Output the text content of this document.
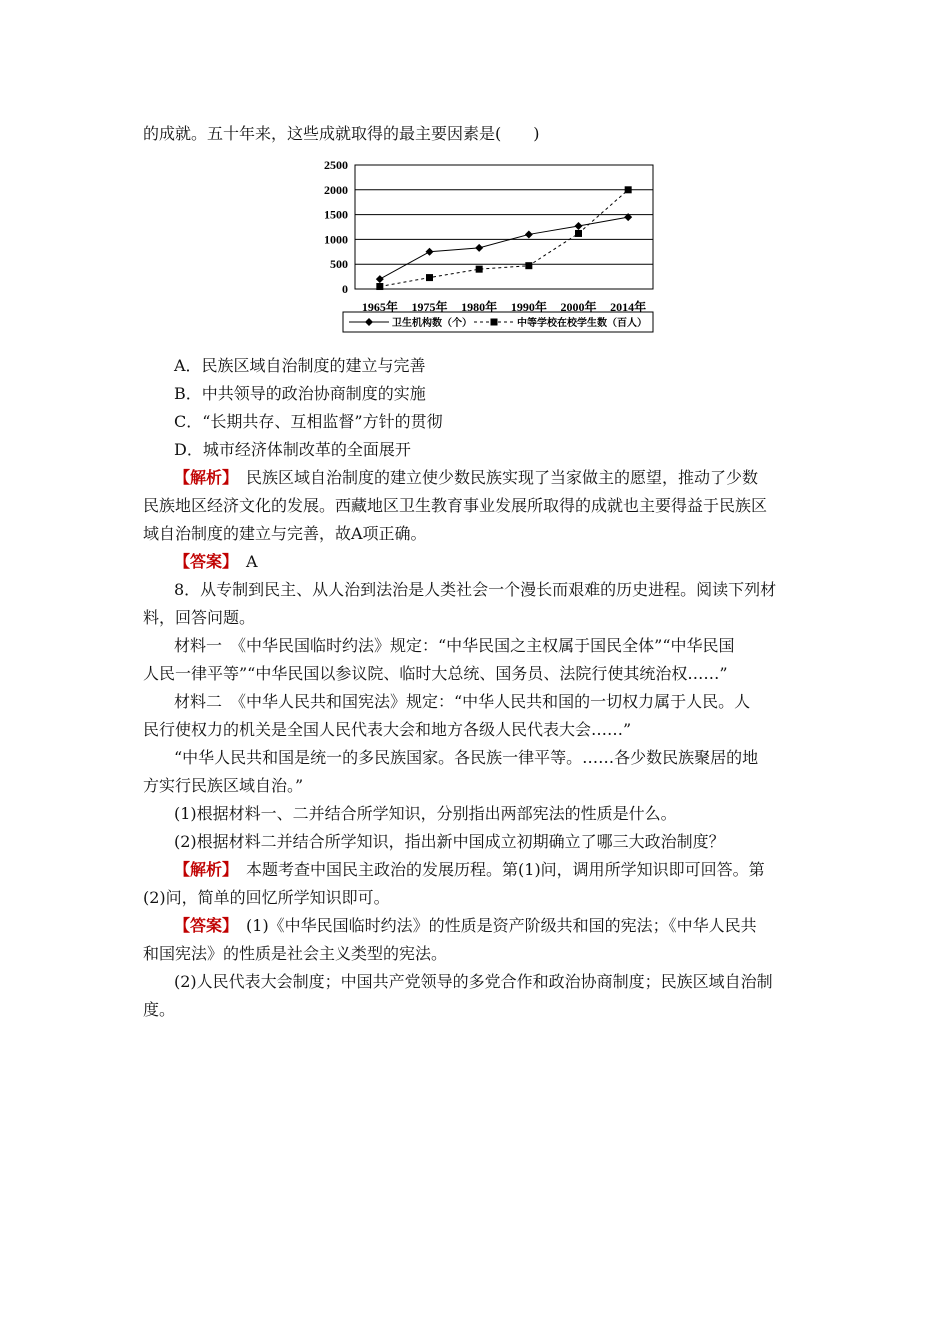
的成就。五十年来，这些成就取得的最主要因素是(　　)
0
500
1000
1500
2000
2500
1965年 1975年 1980年 1990年 2000年 2014年
卫生机构数（个）	中等学校在校学生数（百人）
A．民族区域自治制度的建立与完善
B．中共领导的政治协商制度的实施
C．“长期共存、互相监督”方针的贯彻
D．城市经济体制改革的全面展开
【解析】　民族区域自治制度的建立使少数民族实现了当家做主的愿望，推动了少数
民族地区经济文化的发展。西藏地区卫生教育事业发展所取得的成就也主要得益于民族区
域自治制度的建立与完善，故A项正确。
【答案】　A
8．从专制到民主、从人治到法治是人类社会一个漫长而艰难的历史进程。阅读下列材
料，回答问题。
材料一　《中华民国临时约法》规定：“中华民国之主权属于国民全体”“中华民国
人民一律平等”“中华民国以参议院、临时大总统、国务员、法院行使其统治权……”
材料二　《中华人民共和国宪法》规定：“中华人民共和国的一切权力属于人民。人
民行使权力的机关是全国人民代表大会和地方各级人民代表大会……”
“中华人民共和国是统一的多民族国家。各民族一律平等。……各少数民族聚居的地
方实行民族区域自治。”
(1)根据材料一、二并结合所学知识，分别指出两部宪法的性质是什么。
(2)根据材料二并结合所学知识，指出新中国成立初期确立了哪三大政治制度？
【解析】　本题考查中国民主政治的发展历程。第(1)问，调用所学知识即可回答。第
(2)问，简单的回忆所学知识即可。
【答案】　(1)《中华民国临时约法》的性质是资产阶级共和国的宪法；《中华人民共
和国宪法》的性质是社会主义类型的宪法。
(2)人民代表大会制度；中国共产党领导的多党合作和政治协商制度；民族区域自治制
度。
